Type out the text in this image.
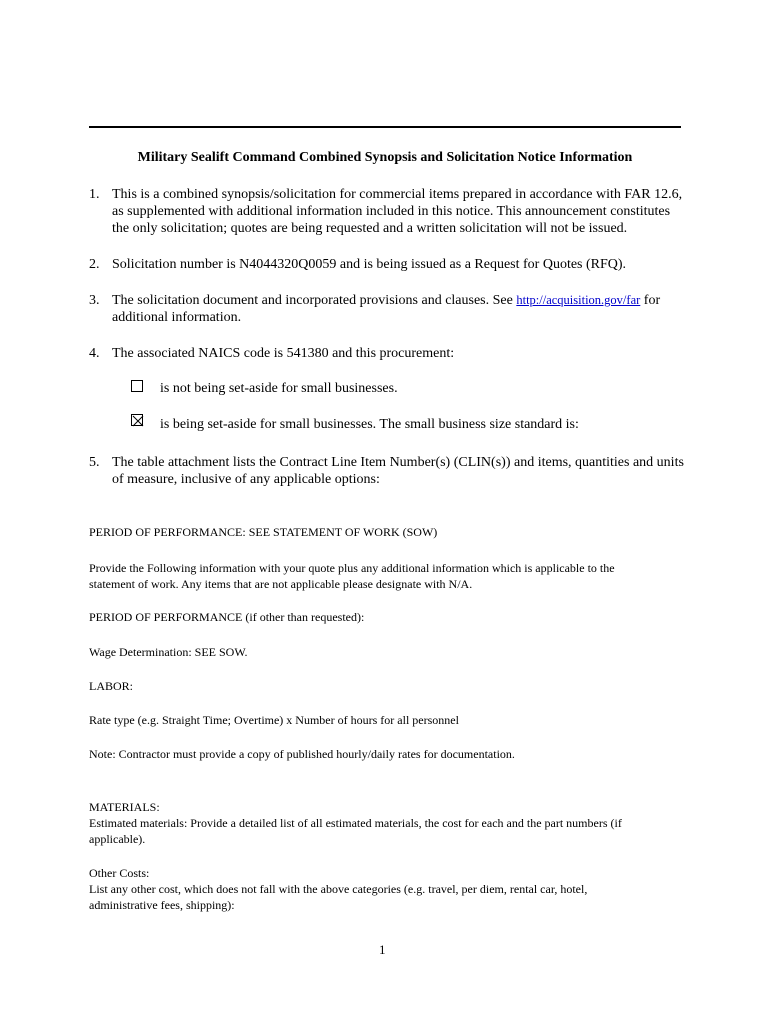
Military Sealift Command Combined Synopsis and Solicitation Notice Information
1. This is a combined synopsis/solicitation for commercial items prepared in accordance with FAR 12.6, as supplemented with additional information included in this notice. This announcement constitutes the only solicitation; quotes are being requested and a written solicitation will not be issued.
2. Solicitation number is N4044320Q0059 and is being issued as a Request for Quotes (RFQ).
3. The solicitation document and incorporated provisions and clauses. See http://acquisition.gov/far for additional information.
4. The associated NAICS code is 541380 and this procurement:
is not being set-aside for small businesses.
is being set-aside for small businesses. The small business size standard is:
5. The table attachment lists the Contract Line Item Number(s) (CLIN(s)) and items, quantities and units of measure, inclusive of any applicable options:
PERIOD OF PERFORMANCE: SEE STATEMENT OF WORK (SOW)
Provide the Following information with your quote plus any additional information which is applicable to the statement of work. Any items that are not applicable please designate with N/A.
PERIOD OF PERFORMANCE (if other than requested):
Wage Determination: SEE SOW.
LABOR:
Rate type (e.g. Straight Time; Overtime) x Number of hours for all personnel
Note: Contractor must provide a copy of published hourly/daily rates for documentation.
MATERIALS:
Estimated materials: Provide a detailed list of all estimated materials, the cost for each and the part numbers (if applicable).
Other Costs:
List any other cost, which does not fall with the above categories (e.g. travel, per diem, rental car, hotel, administrative fees, shipping):
1
